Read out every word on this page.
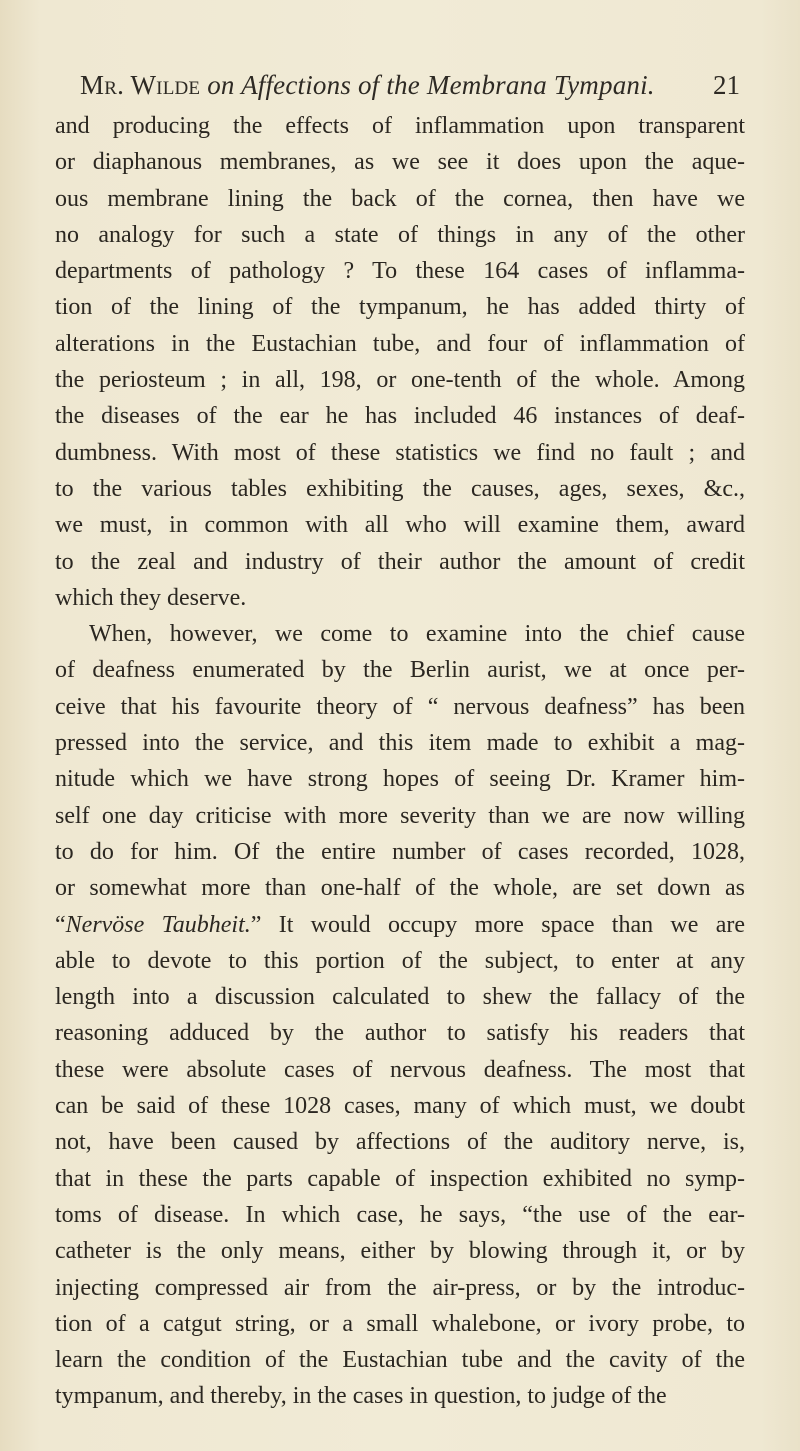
Mr. Wilde on Affections of the Membrana Tympani. 21
and producing the effects of inflammation upon transparent
or diaphanous membranes, as we see it does upon the aque-
ous membrane lining the back of the cornea, then have we
no analogy for such a state of things in any of the other
departments of pathology ? To these 164 cases of inflamma-
tion of the lining of the tympanum, he has added thirty of
alterations in the Eustachian tube, and four of inflammation of
the periosteum ; in all, 198, or one-tenth of the whole. Among
the diseases of the ear he has included 46 instances of deaf-
dumbness. With most of these statistics we find no fault ; and
to the various tables exhibiting the causes, ages, sexes, &c.,
we must, in common with all who will examine them, award
to the zeal and industry of their author the amount of credit
which they deserve.
When, however, we come to examine into the chief cause
of deafness enumerated by the Berlin aurist, we at once per-
ceive that his favourite theory of “ nervous deafness” has been
pressed into the service, and this item made to exhibit a mag-
nitude which we have strong hopes of seeing Dr. Kramer him-
self one day criticise with more severity than we are now willing
to do for him. Of the entire number of cases recorded, 1028,
or somewhat more than one-half of the whole, are set down as
“Nervöse Taubheit.” It would occupy more space than we are
able to devote to this portion of the subject, to enter at any
length into a discussion calculated to shew the fallacy of the
reasoning adduced by the author to satisfy his readers that
these were absolute cases of nervous deafness. The most that
can be said of these 1028 cases, many of which must, we doubt
not, have been caused by affections of the auditory nerve, is,
that in these the parts capable of inspection exhibited no symp-
toms of disease. In which case, he says, “the use of the ear-
catheter is the only means, either by blowing through it, or by
injecting compressed air from the air-press, or by the introduc-
tion of a catgut string, or a small whalebone, or ivory probe, to
learn the condition of the Eustachian tube and the cavity of the
tympanum, and thereby, in the cases in question, to judge of the
